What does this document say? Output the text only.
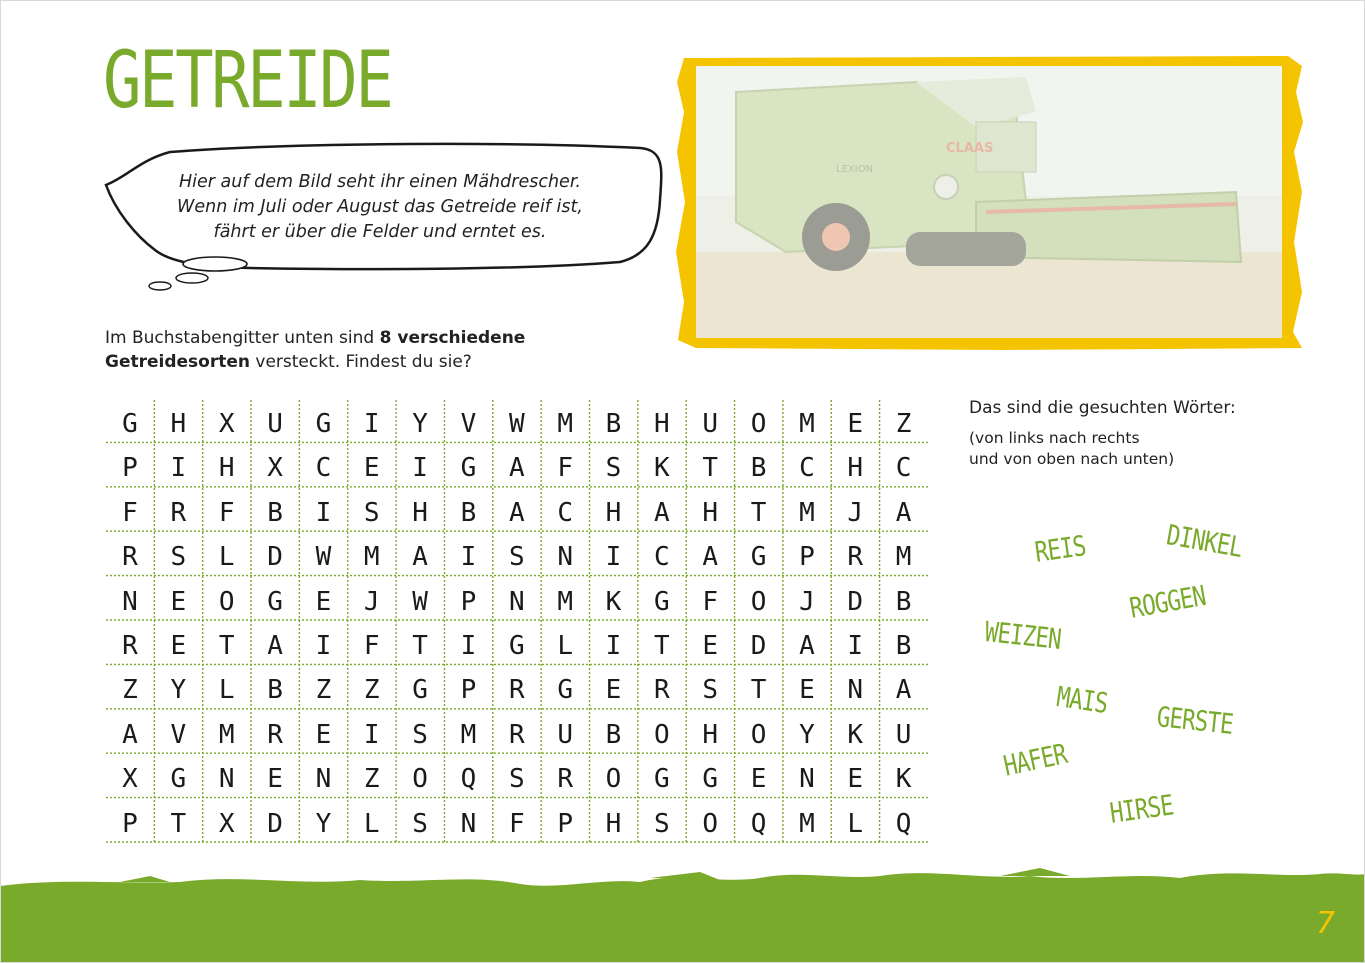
GETREIDE
Hier auf dem Bild seht ihr einen Mähdrescher.
Wenn im Juli oder August das Getreide reif ist,
fährt er über die Felder und erntet es.
CLAAS
LEXION
Im Buchstabengitter unten sind 8 verschiedene
Getreidesorten versteckt. Findest du sie?
G	H	X	U	G	I	Y	V	W	M	B	H	U	O	M	E	Z
P	I	H	X	C	E	I	G	A	F	S	K	T	B	C	H	C
F	R	F	B	I	S	H	B	A	C	H	A	H	T	M	J	A
R	S	L	D	W	M	A	I	S	N	I	C	A	G	P	R	M
N	E	O	G	E	J	W	P	N	M	K	G	F	O	J	D	B
R	E	T	A	I	F	T	I	G	L	I	T	E	D	A	I	B
Z	Y	L	B	Z	Z	G	P	R	G	E	R	S	T	E	N	A
A	V	M	R	E	I	S	M	R	U	B	O	H	O	Y	K	U
X	G	N	E	N	Z	O	Q	S	R	O	G	G	E	N	E	K
P	T	X	D	Y	L	S	N	F	P	H	S	O	Q	M	L	Q
Das sind die gesuchten Wörter:
(von links nach rechts
und von oben nach unten)
REIS	DINKEL
WEIZEN
ROGGEN
MAIS
GERSTE
HAFER
HIRSE
7
